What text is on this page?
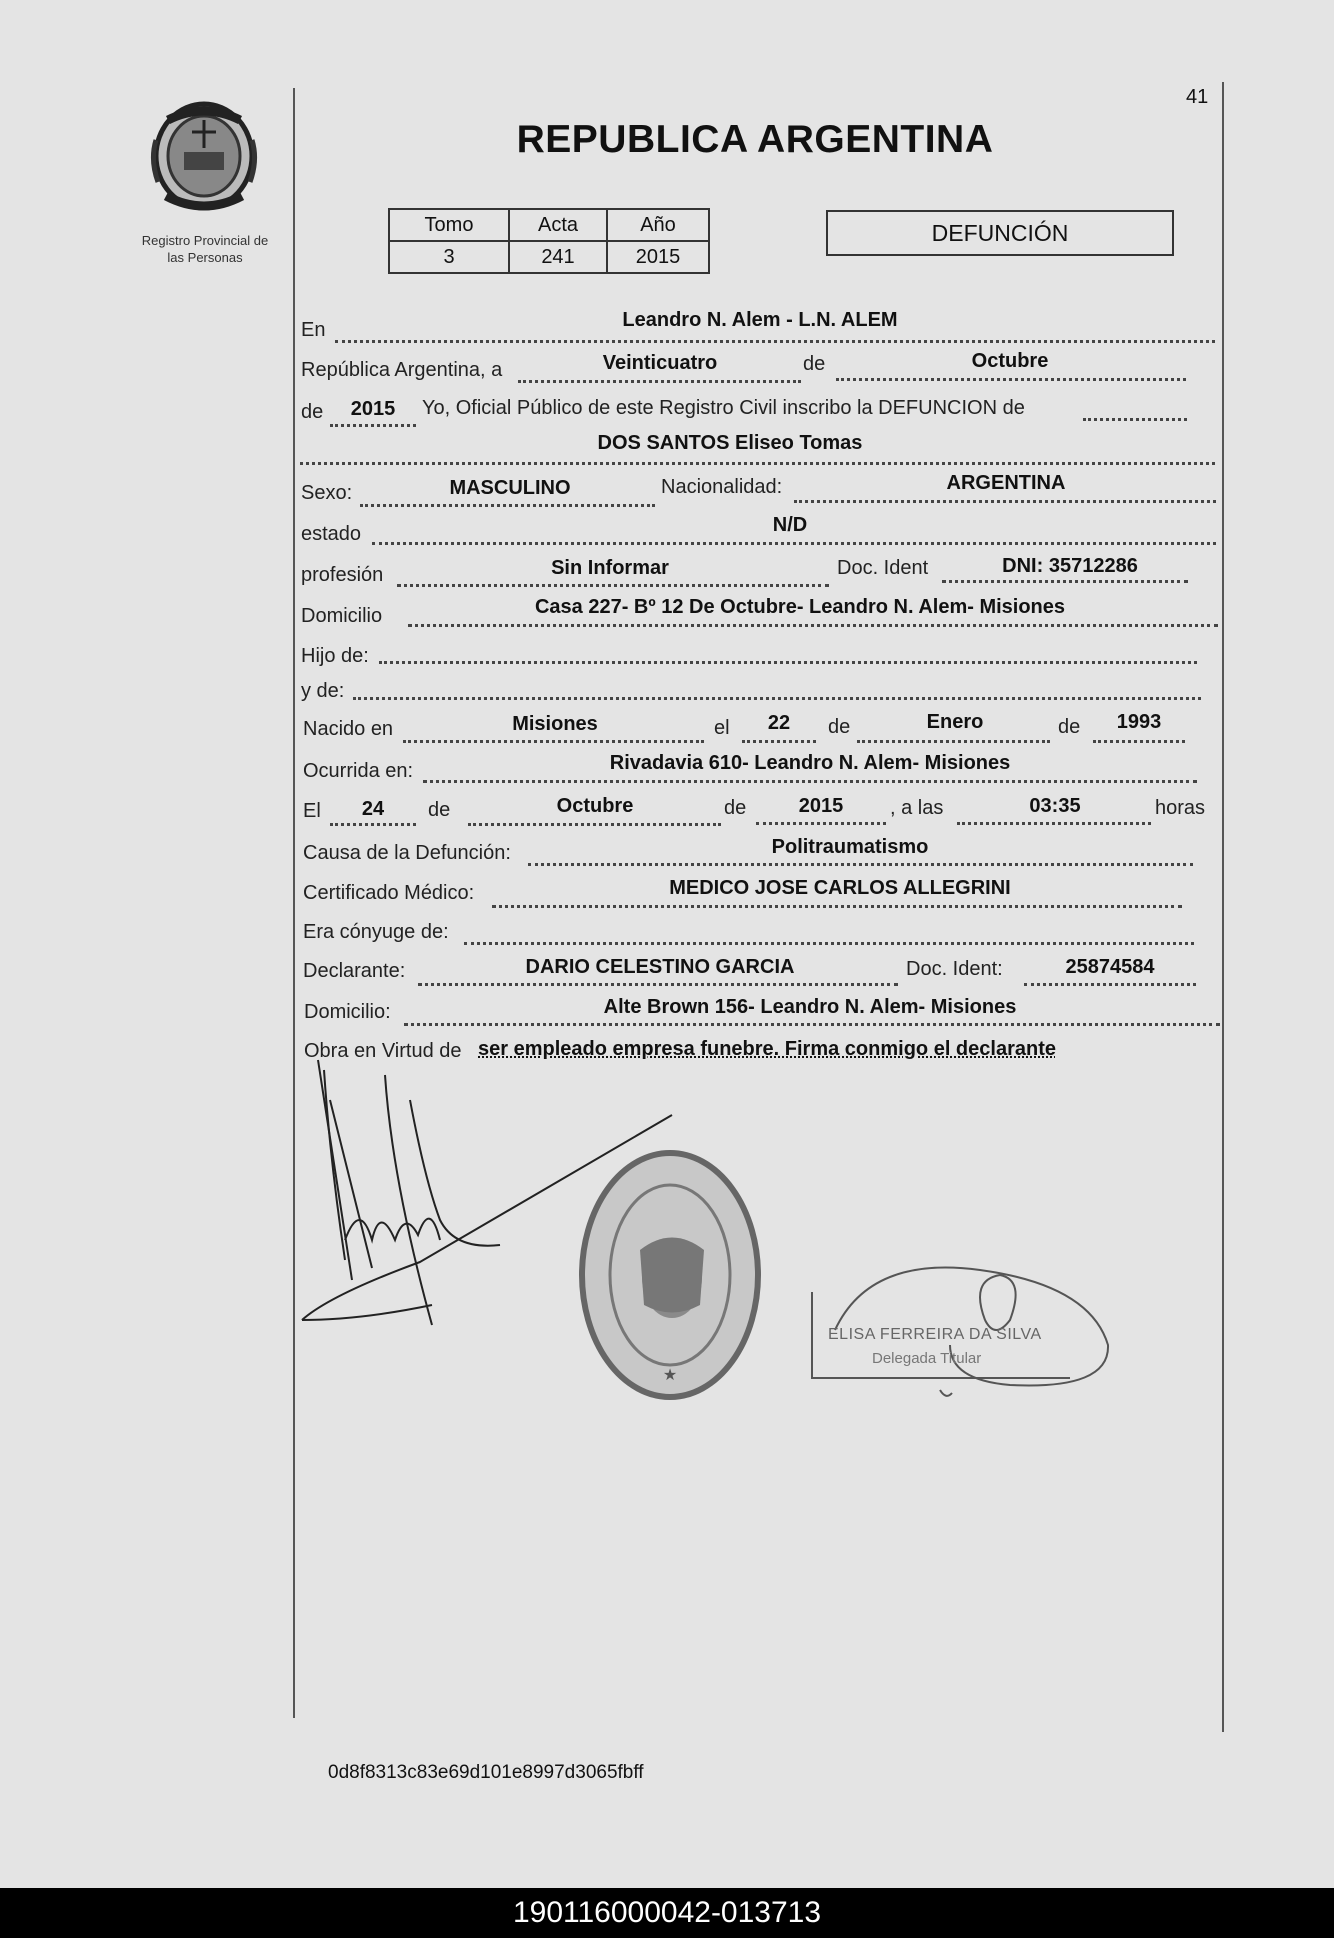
41
Registro Provincial de
las Personas
REPUBLICA ARGENTINA
Tomo	Acta	Año
3	241	2015
DEFUNCIÓN
En	Leandro N. Alem - L.N. ALEM
República Argentina, a	Veinticuatro	de	Octubre
de	2015	Yo, Oficial Público de este Registro Civil inscribo la DEFUNCION de
DOS SANTOS Eliseo Tomas
Sexo:	MASCULINO	Nacionalidad:	ARGENTINA
estado	N/D
profesión	Sin Informar	Doc. Ident	DNI: 35712286
Domicilio	Casa 227- Bº 12 De Octubre- Leandro N. Alem- Misiones
Hijo de:
y de:
Nacido en	Misiones	el	22	de	Enero	de	1993
Ocurrida en:	Rivadavia 610- Leandro N. Alem- Misiones
El	24	de	Octubre	de	2015	, a las	03:35	horas
Causa de la Defunción:	Politraumatismo
Certificado Médico:	MEDICO JOSE CARLOS ALLEGRINI
Era cónyuge de:
Declarante:	DARIO CELESTINO GARCIA	Doc. Ident:	25874584
Domicilio:	Alte Brown 156- Leandro N. Alem- Misiones
Obra en Virtud de ser empleado empresa funebre. Firma conmigo el declarante
★
ELISA FERREIRA DA SILVA
Delegada Titular
0d8f8313c83e69d101e8997d3065fbff
190116000042-013713
